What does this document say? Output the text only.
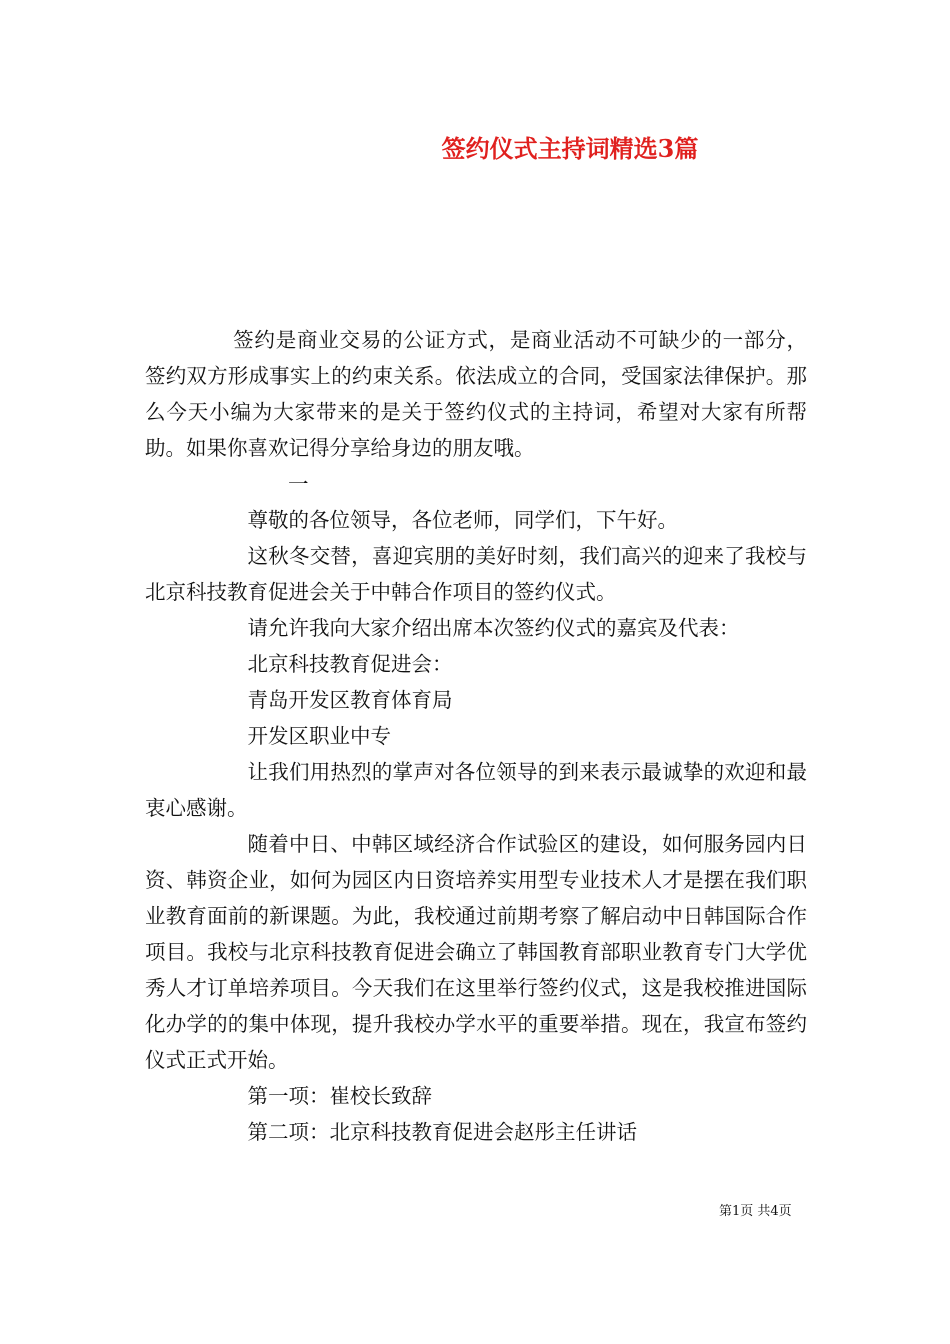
签约仪式主持词精选3篇

签约是商业交易的公证方式，是商业活动不可缺少的一部分，签约双方形成事实上的约束关系。依法成立的合同，受国家法律保护。那么今天小编为大家带来的是关于签约仪式的主持词，希望对大家有所帮助。如果你喜欢记得分享给身边的朋友哦。

一

尊敬的各位领导，各位老师，同学们，下午好。

这秋冬交替，喜迎宾朋的美好时刻，我们高兴的迎来了我校与北京科技教育促进会关于中韩合作项目的签约仪式。

请允许我向大家介绍出席本次签约仪式的嘉宾及代表：

北京科技教育促进会：

青岛开发区教育体育局

开发区职业中专

让我们用热烈的掌声对各位领导的到来表示最诚挚的欢迎和最衷心感谢。

随着中日、中韩区域经济合作试验区的建设，如何服务园内日资、韩资企业，如何为园区内日资培养实用型专业技术人才是摆在我们职业教育面前的新课题。为此，我校通过前期考察了解启动中日韩国际合作项目。我校与北京科技教育促进会确立了韩国教育部职业教育专门大学优秀人才订单培养项目。今天我们在这里举行签约仪式，这是我校推进国际化办学的的集中体现，提升我校办学水平的重要举措。现在，我宣布签约仪式正式开始。

第一项：崔校长致辞

第二项：北京科技教育促进会赵彤主任讲话

第1页 共4页
